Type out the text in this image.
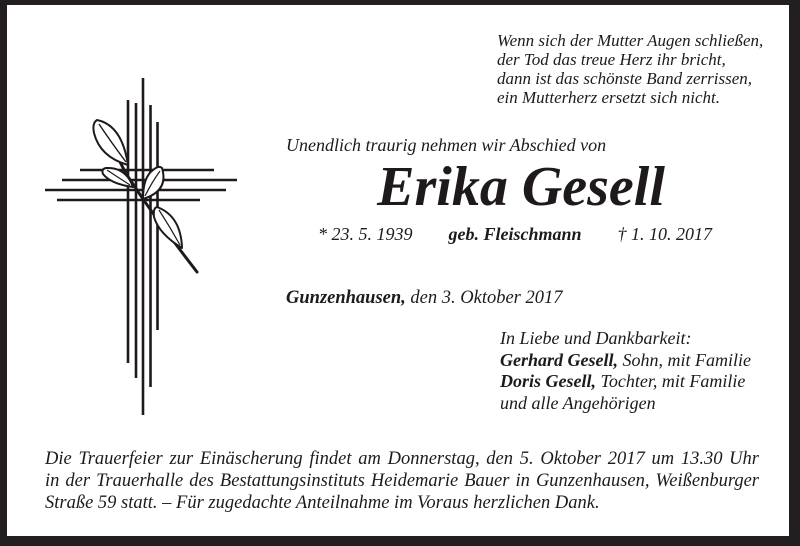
Wenn sich der Mutter Augen schließen,
der Tod das treue Herz ihr bricht,
dann ist das schönste Band zerrissen,
ein Mutterherz ersetzt sich nicht.
Unendlich traurig nehmen wir Abschied von
Erika Gesell
* 23. 5. 1939 geb. Fleischmann † 1. 10. 2017
Gunzenhausen, den 3. Oktober 2017
In Liebe und Dankbarkeit:
Gerhard Gesell, Sohn, mit Familie
Doris Gesell, Tochter, mit Familie
und alle Angehörigen
Die Trauerfeier zur Einäscherung findet am Donnerstag, den 5. Oktober 2017 um 13.30 Uhr
in der Trauerhalle des Bestattungsinstituts Heidemarie Bauer in Gunzenhausen, Weißenburger
Straße 59 statt. – Für zugedachte Anteilnahme im Voraus herzlichen Dank.
